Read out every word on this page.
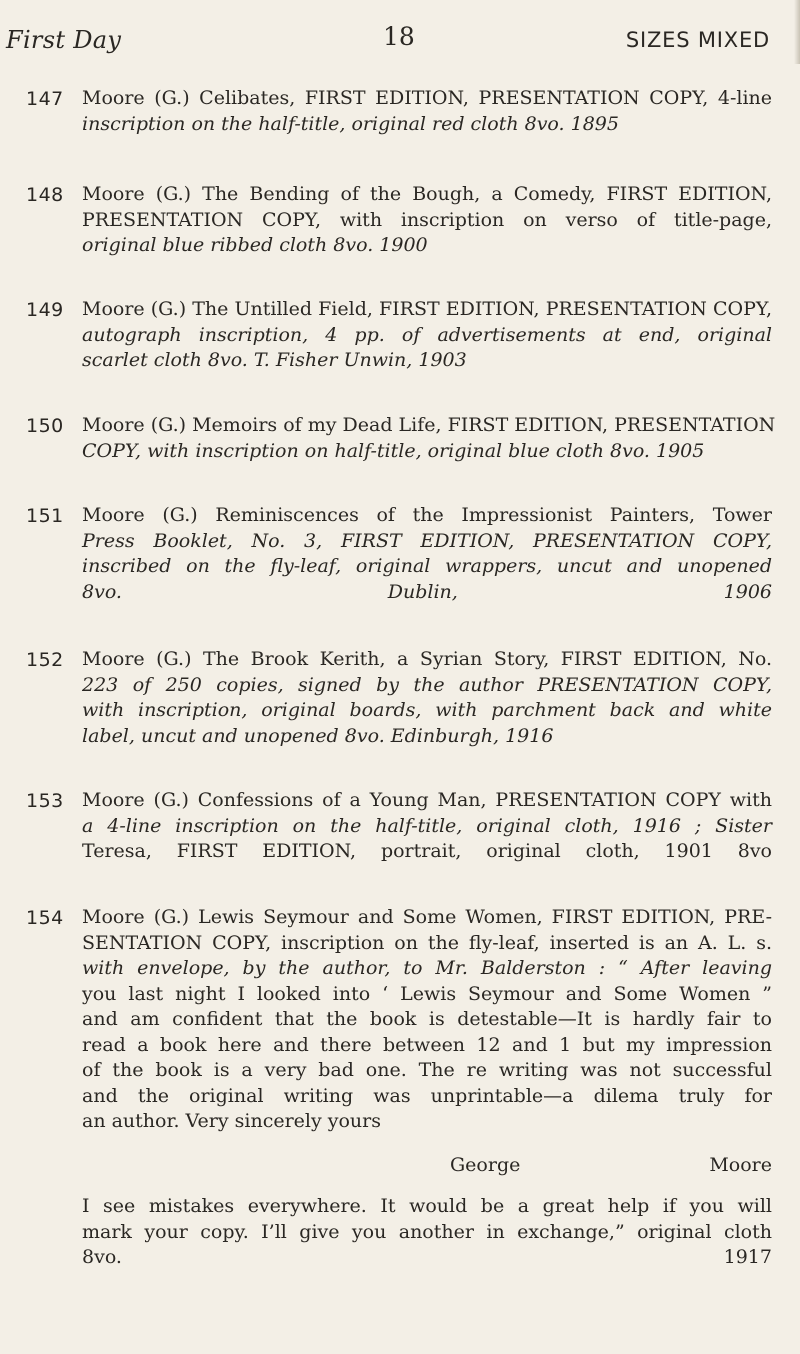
First Day	18	SIZES MIXED
147 Moore (G.) Celibates, FIRST EDITION, PRESENTATION COPY, 4-line
inscription on the half-title, original red cloth 8vo. 1895
148 Moore (G.) The Bending of the Bough, a Comedy, FIRST EDITION,
PRESENTATION COPY, with inscription on verso of title-page,
original blue ribbed cloth 8vo. 1900
149 Moore (G.) The Untilled Field, FIRST EDITION, PRESENTATION COPY,
autograph inscription, 4 pp. of advertisements at end, original
scarlet cloth 8vo. T. Fisher Unwin, 1903
150 Moore (G.) Memoirs of my Dead Life, FIRST EDITION, PRESENTATION
COPY, with inscription on half-title, original blue cloth 8vo. 1905
151 Moore (G.) Reminiscences of the Impressionist Painters, Tower
Press Booklet, No. 3, FIRST EDITION, PRESENTATION COPY,
inscribed on the fly-leaf, original wrappers, uncut and unopened
8vo. Dublin, 1906
152 Moore (G.) The Brook Kerith, a Syrian Story, FIRST EDITION, No.
223 of 250 copies, signed by the author PRESENTATION COPY,
with inscription, original boards, with parchment back and white
label, uncut and unopened 8vo. Edinburgh, 1916
153 Moore (G.) Confessions of a Young Man, PRESENTATION COPY with
a 4-line inscription on the half-title, original cloth, 1916 ; Sister
Teresa, FIRST EDITION, portrait, original cloth, 1901 8vo
154 Moore (G.) Lewis Seymour and Some Women, FIRST EDITION, PRE-
SENTATION COPY, inscription on the fly-leaf, inserted is an A. L. s.
with envelope, by the author, to Mr. Balderston : “ After leaving
you last night I looked into ‘ Lewis Seymour and Some Women ”
and am confident that the book is detestable—It is hardly fair to
read a book here and there between 12 and 1 but my impression
of the book is a very bad one. The re writing was not successful
and the original writing was unprintable—a dilema truly for
an author. Very sincerely yours
George Moore
I see mistakes everywhere. It would be a great help if you will
mark your copy. I’ll give you another in exchange,” original cloth
8vo. 1917
